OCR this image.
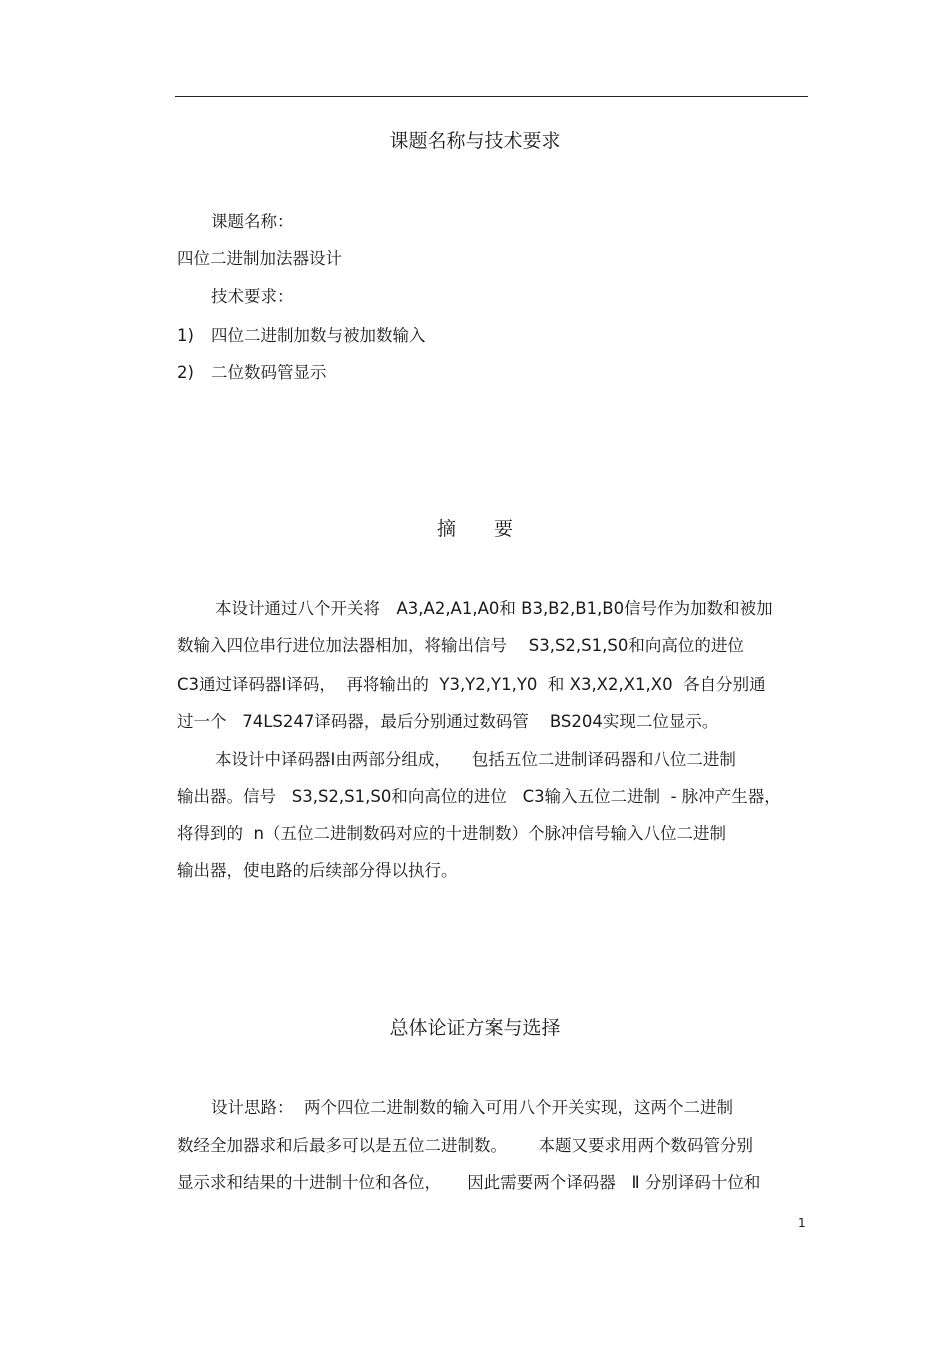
课题名称与技术要求
课题名称：
四位二进制加法器设计
技术要求：
1) 四位二进制加数与被加数输入
2) 二位数码管显示
摘　　要
本设计通过八个开关将　A3,A2,A1,A0和 B3,B2,B1,B0信号作为加数和被加
数输入四位串行进位加法器相加，将输出信号　 S3,S2,S1,S0和向高位的进位
C3通过译码器Ⅰ译码，  再将输出的  Y3,Y2,Y1,Y0  和 X3,X2,X1,X0  各自分别通
过一个   74LS247译码器，最后分别通过数码管    BS204实现二位显示。
本设计中译码器Ⅰ由两部分组成，    包括五位二进制译码器和八位二进制
输出器。信号   S3,S2,S1,S0和向高位的进位   C3输入五位二进制  - 脉冲产生器，
将得到的  n（五位二进制数码对应的十进制数）个脉冲信号输入八位二进制
输出器，使电路的后续部分得以执行。
总体论证方案与选择
设计思路：  两个四位二进制数的输入可用八个开关实现，这两个二进制
数经全加器求和后最多可以是五位二进制数。      本题又要求用两个数码管分别
显示求和结果的十进制十位和各位，     因此需要两个译码器   Ⅱ 分别译码十位和
1
